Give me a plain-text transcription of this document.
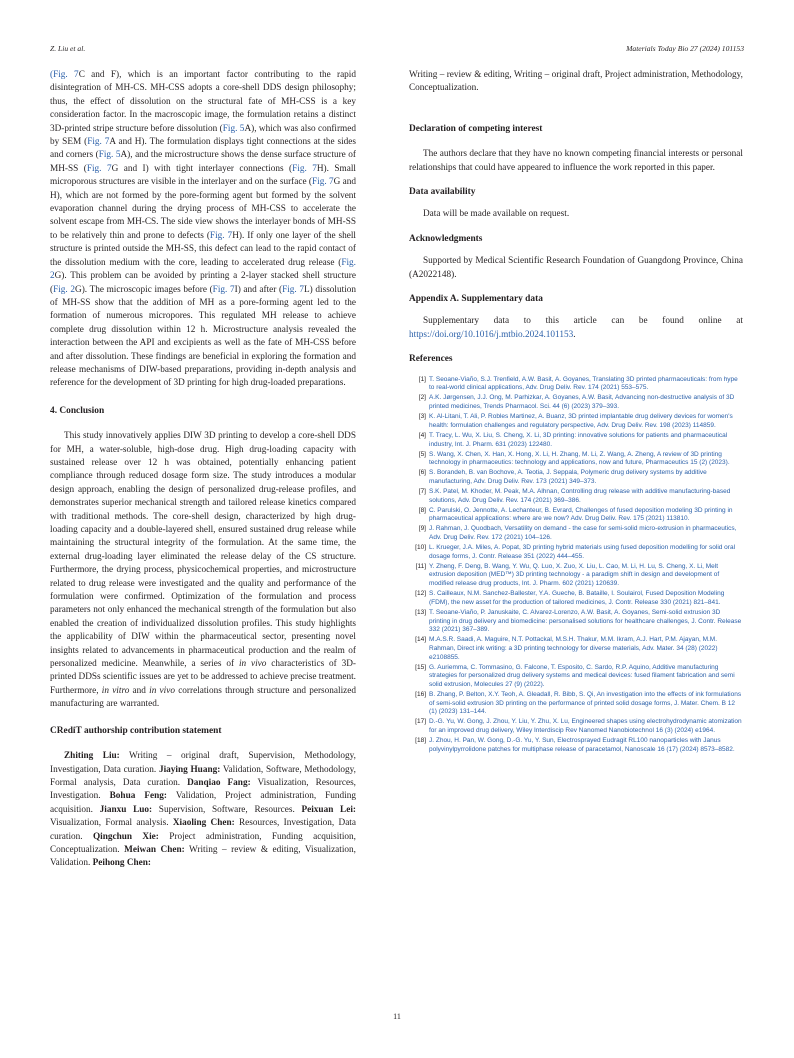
Z. Liu et al.	Materials Today Bio 27 (2024) 101153

(Fig. 7C and F), which is an important factor contributing to the rapid disintegration of MH-CS. MH-CSS adopts a core-shell DDS design philosophy; thus, the effect of dissolution on the structural fate of MH-CSS is a key consideration factor. In the macroscopic image, the formulation retains a distinct 3D-printed stripe structure before dissolution (Fig. 5A), which was also confirmed by SEM (Fig. 7A and H). The formulation displays tight connections at the sides and corners (Fig. 5A), and the microstructure shows the dense surface structure of MH-SS (Fig. 7G and I) with tight interlayer connections (Fig. 7H). Small microporous structures are visible in the interlayer and on the surface (Fig. 7G and H), which are not formed by the pore-forming agent but formed by the solvent evaporation channel during the drying process of MH-CSS to accelerate the solvent escape from MH-CS. The side view shows the interlayer bonds of MH-SS to be relatively thin and prone to defects (Fig. 7H). If only one layer of the shell structure is printed outside the MH-SS, this defect can lead to the rapid contact of the dissolution medium with the core, leading to accelerated drug release (Fig. 2G). This problem can be avoided by printing a 2-layer stacked shell structure (Fig. 2G). The microscopic images before (Fig. 7I) and after (Fig. 7L) dissolution of MH-SS show that the addition of MH as a pore-forming agent led to the formation of numerous micropores. This regulated MH release to achieve complete drug dissolution within 12 h. Microstructure analysis revealed the interaction between the API and excipients as well as the fate of MH-CSS before and after dissolution. These findings are beneficial in exploring the formation and release mechanisms of DIW-based preparations, providing in-depth analysis and reference for the development of 3D printing for high drug-loaded preparations.

4. Conclusion

This study innovatively applies DIW 3D printing to develop a core-shell DDS for MH, a water-soluble, high-dose drug. High drug-loading capacity with sustained release over 12 h was obtained, potentially enhancing patient compliance through reduced dosage form size. The study introduces a modular design approach, enabling the design of personalized drug-release profiles, and demonstrates superior mechanical strength and tailored release kinetics compared with traditional methods. The core-shell design, characterized by high drug-loading capacity and a double-layered shell, ensured sustained drug release while maintaining the structural integrity of the formulation. At the same time, the external drug-loading layer eliminated the release delay of the CS structure. Furthermore, the drying process, physicochemical properties, and microstructure related to drug release were investigated and the quality and performance of the formulation were confirmed. Optimization of the formulation and process parameters not only enhanced the mechanical strength of the formulation but also enabled the creation of individualized dissolution profiles. This study highlights the applicability of DIW within the pharmaceutical sector, presenting novel insights related to advancements in pharmaceutical production and the realm of personalized medicine. Meanwhile, a series of in vivo characteristics of 3D-printed DDSs scientific issues are yet to be addressed to achieve precise treatment. Furthermore, in vitro and in vivo correlations through structure and personalized manufacturing are warranted.

CRediT authorship contribution statement

Zhiting Liu: Writing – original draft, Supervision, Methodology, Investigation, Data curation. Jiaying Huang: Validation, Software, Methodology, Formal analysis, Data curation. Danqiao Fang: Visualization, Resources, Investigation. Bohua Feng: Validation, Project administration, Funding acquisition. Jianxu Luo: Supervision, Software, Resources. Peixuan Lei: Visualization, Formal analysis. Xiaoling Chen: Resources, Investigation, Data curation. Qingchun Xie: Project administration, Funding acquisition, Conceptualization. Meiwan Chen: Writing – review & editing, Visualization, Validation. Peihong Chen:

Writing – review & editing, Writing – original draft, Project administration, Methodology, Conceptualization.

Declaration of competing interest

The authors declare that they have no known competing financial interests or personal relationships that could have appeared to influence the work reported in this paper.

Data availability

Data will be made available on request.

Acknowledgments

Supported by Medical Scientific Research Foundation of Guangdong Province, China (A2022148).

Appendix A. Supplementary data

Supplementary data to this article can be found online at https://doi.org/10.1016/j.mtbio.2024.101153.

References
[1] T. Seoane-Viaño, S.J. Trenfield, A.W. Basit, A. Goyanes, Translating 3D printed pharmaceuticals: from hype to real-world clinical applications, Adv. Drug Deliv. Rev. 174 (2021) 553–575.
[2] A.K. Jørgensen, J.J. Ong, M. Parhizkar, A. Goyanes, A.W. Basit, Advancing non-destructive analysis of 3D printed medicines, Trends Pharmacol. Sci. 44 (6) (2023) 379–393.
[3] K. Al-Litani, T. Ali, P. Robles Martinez, A. Buanz, 3D printed implantable drug delivery devices for women's health: formulation challenges and regulatory perspective, Adv. Drug Deliv. Rev. 198 (2023) 114859.
[4] T. Tracy, L. Wu, X. Liu, S. Cheng, X. Li, 3D printing: innovative solutions for patients and pharmaceutical industry, Int. J. Pharm. 631 (2023) 122480.
[5] S. Wang, X. Chen, X. Han, X. Hong, X. Li, H. Zhang, M. Li, Z. Wang, A. Zheng, A review of 3D printing technology in pharmaceutics: technology and applications, now and future, Pharmaceutics 15 (2) (2023).
[6] S. Borandeh, B. van Bochove, A. Teotia, J. Seppala, Polymeric drug delivery systems by additive manufacturing, Adv. Drug Deliv. Rev. 173 (2021) 349–373.
[7] S.K. Patel, M. Khoder, M. Peak, M.A. Alhnan, Controlling drug release with additive manufacturing-based solutions, Adv. Drug Deliv. Rev. 174 (2021) 369–386.
[8] C. Parulski, O. Jennotte, A. Lechanteur, B. Evrard, Challenges of fused deposition modeling 3D printing in pharmaceutical applications: where are we now? Adv. Drug Deliv. Rev. 175 (2021) 113810.
[9] J. Rahman, J. Quodbach, Versatility on demand - the case for semi-solid micro-extrusion in pharmaceutics, Adv. Drug Deliv. Rev. 172 (2021) 104–126.
[10] L. Krueger, J.A. Miles, A. Popat, 3D printing hybrid materials using fused deposition modelling for solid oral dosage forms, J. Contr. Release 351 (2022) 444–455.
[11] Y. Zheng, F. Deng, B. Wang, Y. Wu, Q. Luo, X. Zuo, X. Liu, L. Cao, M. Li, H. Lu, S. Cheng, X. Li, Melt extrusion deposition (MED™) 3D printing technology - a paradigm shift in design and development of modified release drug products, Int. J. Pharm. 602 (2021) 120639.
[12] S. Cailleaux, N.M. Sanchez-Ballester, Y.A. Gueche, B. Bataille, I. Soulairol, Fused Deposition Modeling (FDM), the new asset for the production of tailored medicines, J. Contr. Release 330 (2021) 821–841.
[13] T. Seoane-Viaño, P. Januskaite, C. Alvarez-Lorenzo, A.W. Basit, A. Goyanes, Semi-solid extrusion 3D printing in drug delivery and biomedicine: personalised solutions for healthcare challenges, J. Contr. Release 332 (2021) 367–389.
[14] M.A.S.R. Saadi, A. Maguire, N.T. Pottackal, M.S.H. Thakur, M.M. Ikram, A.J. Hart, P.M. Ajayan, M.M. Rahman, Direct ink writing: a 3D printing technology for diverse materials, Adv. Mater. 34 (28) (2022) e2108855.
[15] G. Auriemma, C. Tommasino, G. Falcone, T. Esposito, C. Sardo, R.P. Aquino, Additive manufacturing strategies for personalized drug delivery systems and medical devices: fused filament fabrication and semi solid extrusion, Molecules 27 (9) (2022).
[16] B. Zhang, P. Belton, X.Y. Teoh, A. Gleadall, R. Bibb, S. Qi, An investigation into the effects of ink formulations of semi-solid extrusion 3D printing on the performance of printed solid dosage forms, J. Mater. Chem. B 12 (1) (2023) 131–144.
[17] D.-G. Yu, W. Gong, J. Zhou, Y. Liu, Y. Zhu, X. Lu, Engineered shapes using electrohydrodynamic atomization for an improved drug delivery, Wiley Interdiscip Rev Nanomed Nanobiotechnol 16 (3) (2024) e1964.
[18] J. Zhou, H. Pan, W. Gong, D.-G. Yu, Y. Sun, Electrosprayed Eudragit RL100 nanoparticles with Janus polyvinylpyrrolidone patches for multiphase release of paracetamol, Nanoscale 16 (17) (2024) 8573–8582.
11
